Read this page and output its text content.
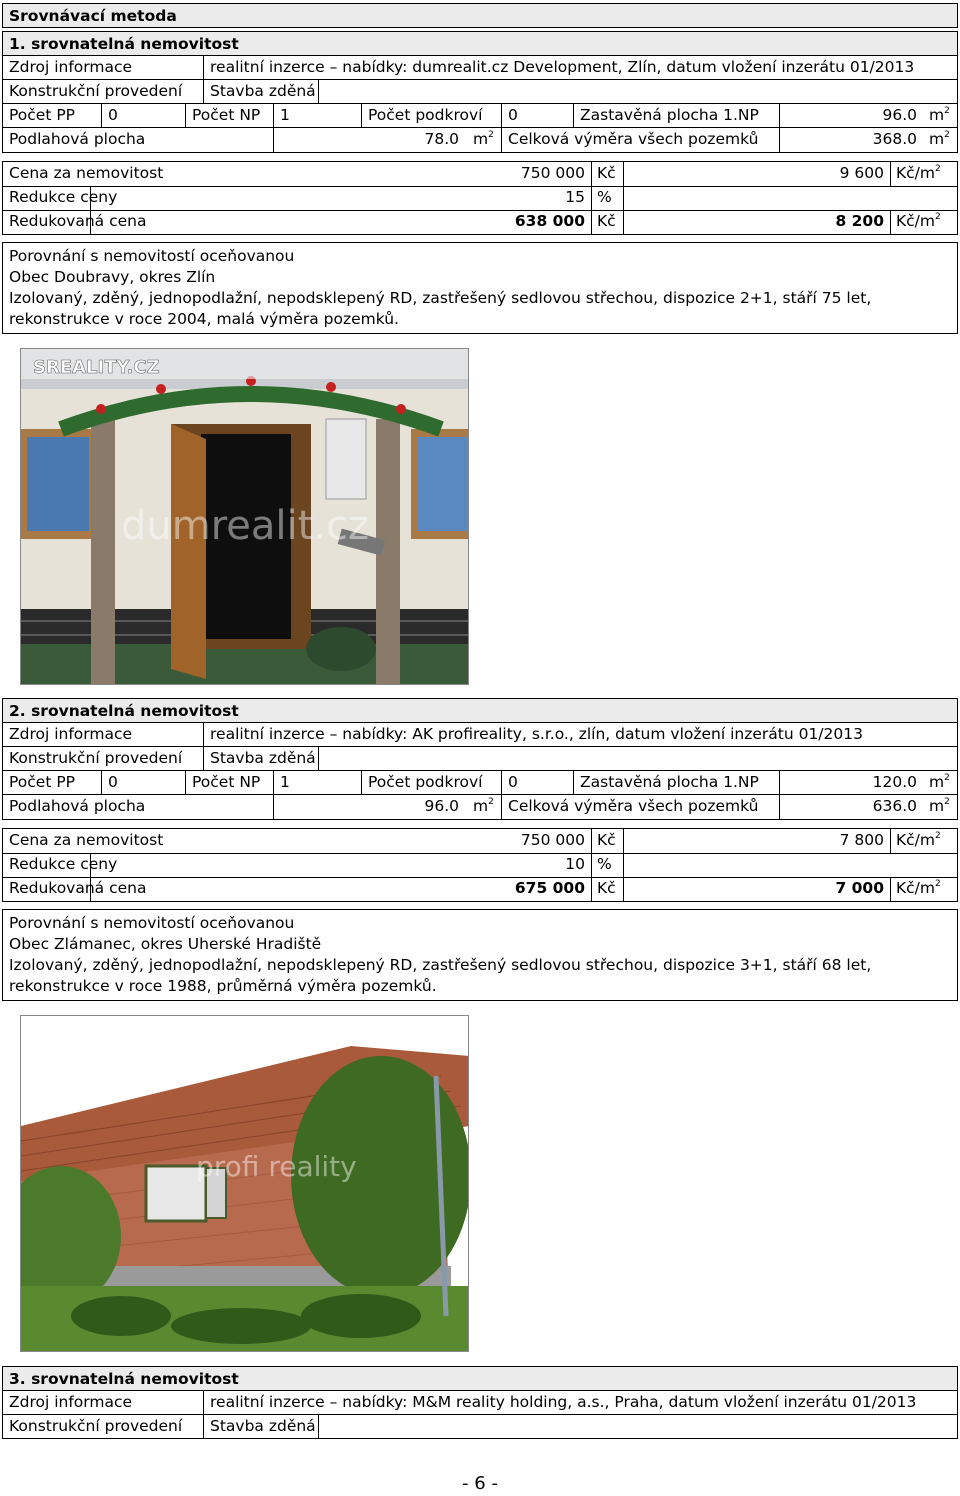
Srovnávací metoda
1. srovnatelná nemovitost
Zdroj informace	realitní inzerce – nabídky: dumrealit.cz Development, Zlín, datum vložení inzerátu 01/2013
Konstrukční provedení	Stavba zděná
Počet PP	0	Počet NP	1	Počet podkroví	0	Zastavěná plocha 1.NP	96.0 $m^2$
Podlahová plocha	78.0 $m^2$ Celková výměra všech pozemků	368.0 $m^2$
Cena za nemovitost	750 000 Kč	9 600 $Kč/m^2$
Redukce ceny	15 %
Redukovaná cena	638 000 Kč	8 200 $Kč/m^2$
Porovnání s nemovitostí oceňovanou
Obec Doubravy, okres Zlín
Izolovaný, zděný, jednopodlažní, nepodsklepený RD, zastřešený sedlovou střechou, dispozice 2+1, stáří 75 let, rekonstrukce v roce 2004, malá výměra pozemků.
SREALITY.CZ
dumrealit.cz
2. srovnatelná nemovitost
Zdroj informace	realitní inzerce – nabídky: AK profireality, s.r.o., zlín, datum vložení inzerátu 01/2013
Konstrukční provedení	Stavba zděná
Počet PP	0	Počet NP	1	Počet podkroví	0	Zastavěná plocha 1.NP	120.0 $m^2$
Podlahová plocha	96.0 $m^2$ Celková výměra všech pozemků	636.0 $m^2$
Cena za nemovitost	750 000 Kč	7 800 $Kč/m^2$
Redukce ceny	10 %
Redukovaná cena	675 000 Kč	7 000 $Kč/m^2$
Porovnání s nemovitostí oceňovanou
Obec Zlámanec, okres Uherské Hradiště
Izolovaný, zděný, jednopodlažní, nepodsklepený RD, zastřešený sedlovou střechou, dispozice 3+1, stáří 68 let, rekonstrukce v roce 1988, průměrná výměra pozemků.
profi reality
3. srovnatelná nemovitost
Zdroj informace	realitní inzerce – nabídky: M&M reality holding, a.s., Praha, datum vložení inzerátu 01/2013
Konstrukční provedení	Stavba zděná
- 6 -
